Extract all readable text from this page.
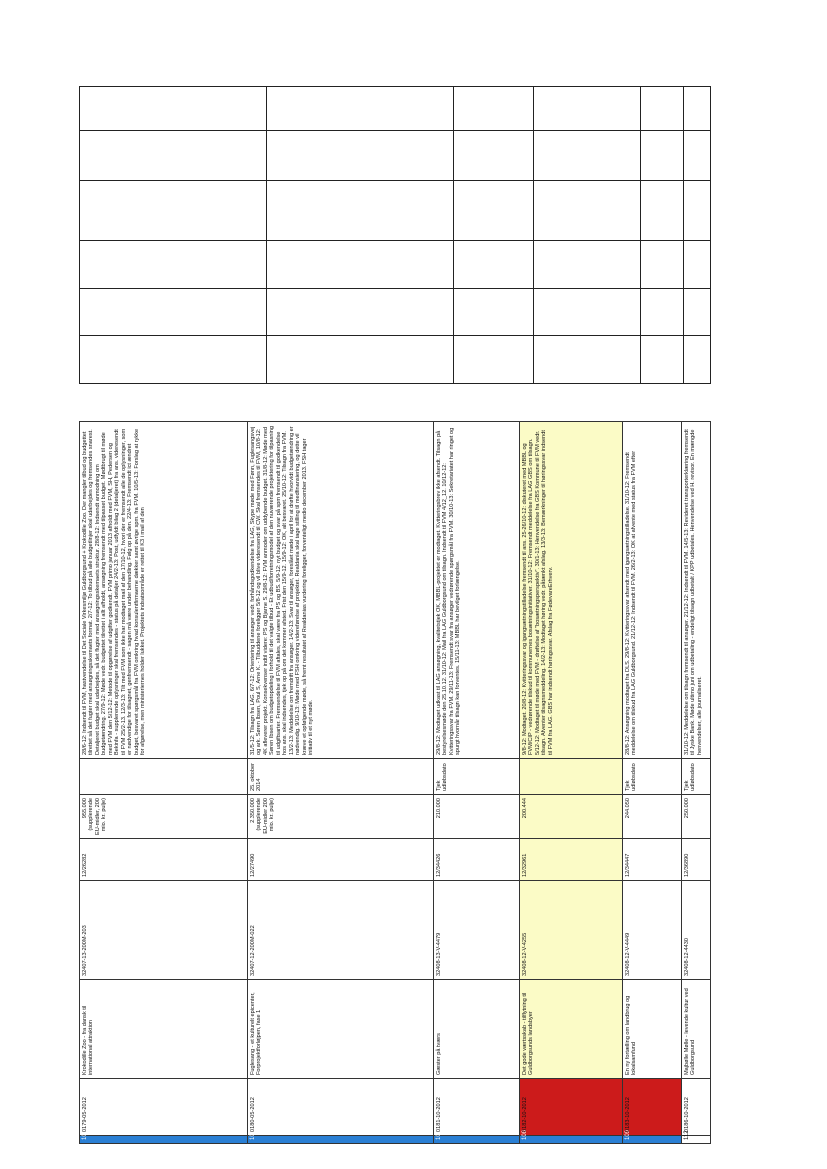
105	0179-05-2012	Krokodille Zoo - fra dansk til international attraktion	32407-13-200M-203	12/26282	955.000 (supplerende EU-midler, 200 mio. kr. pulje)		28/6-12: Indsendt til FVM, hastvendelse til Det Sociale Virkesmiljø Guldborgsund + Krokodille Zoo. Der mangler tilbud og budgettet tilrettet så det fugter med ansøgningsskemaets format. 2/7-12: To tilbud på alle budgetlinjer skal udarbejdes og fremsendes snarest. Detaljeret budget skal udarbejdes, så det flugter med ansøgningsskemaets struktur. 28/8-12: Indsendt anmodning om budgetændring. 27/9-12: Møde vedr. budgettet tilrettet i allt afholdt, ansøgning fremsendt med tilpasset budget. Mødtbrugt til møde med FVM den 5/12-12: Metode til opgørelse af udgifter godkendt. FVM primo januar 2013 afholdt med FVM, SH, Pedersen og Bekinfa - supplerende oplysninger skal fremsendes - status på detaljer 24/2-13: Post, udfyldt bilag 2 (detaljeret) fra ans. videresendt til FVM 25/2-13. 12/3-13: Tilt med FVM som ikke har modtaget mail af den 17/10-12, hvori der er fremsendt alle de oplysninger, som er nødvendige for tilsagnet, genfremsendt - sagen må være under behandling. Følg op på den. 22/4-13: Fremsendt ict ændret budget, besvaret spørgsmål fra FVM omkring hvad konsulentfirmaerne dækker samt øvrige spm. fra FVM. 10/5-13: Forslag at rykke for afgørelse, men ministeriernes holder lukket. Projektets indsatsområde er rettet til K3 i mail af den
106	0180-05-2012	Fuglesang - et kulturelt epicenter, Forprojektforløjpen, fase 1	32407-12-200M-022	12/27490	2.350.000 (supplerende EU-midler 200 mio. kr. pulje)	25. oktober 2014	31/5-12: Tilsagn fra LAG. 6/7-12: Orientering til ansøger vedr. forhåndsgodkendelse fra LAG, Skype møde med Fønn, Fuglesangsvej og ark. Søren Ibsen, Poul S, Arne K. - Tilbuddene foreligger 5/8-12 og vil blive videresendt til CW. Skal fremsendes til FVM, 10/8-12: 4K afleverer projekt. Konsekvenser indtil videre: PS og Bjarne S. 29/8-12: FVM anmoder om uddybende budget. 31/8-12: Møde med Søren Ibsen om budgetopdeling i forhold til det valgte tilbud - Et udbud/forretningsmodel af den nuværende projektering for tilpasning til udgiftsarter. Fremsendelse til FVM aftales, skal være fra PS og BS. 5/9-12: nyt budget og svar på spm fremsendt til godkendelse hos ans. skal indsendes, tjek op på om det kommer afsted. Frist den 15/9-12. 15/9-12: OK, alt besvaret. 25/10-12: Tilsagn fra FVM. 13/2-13: Meddelelse om fremdrift fra ansøger. 14/2-13: Svar til ansøger, foreslået møde i april for at drøfte hvorvidt budgetændring er nødvendig. 9/10-13: Møde med FSH omkring videreførelse af projektet. Realdania skal tage stilling til medfinansiering, og dette vil kræve et opfølgende møde, så fremt resultatet af Realdanias vurdering foreligger, forventeligt medio december 2013. FSH tager initiativ til et nyt møde.
107	0181-10-2012	Gæster på tværs	32408-13-V-4479	12/34426	210.000	Tjek udløbsdato	29/8-12: Modtaget udkast til LAG ansøgning, kvalitetstjek OK, MBBL-projektet er modtaget. Kvitteringsbrev ikke afsendt. Tilsagn på bestyrelsesmøde den 25.10.12. 31/10-12: Mail fra LAG Guldborgsund om tilsagn. Indsendt til FVM 4/12_12. 10/12-12: Kvitteringssvar fra FVM. 29/11-13: Fremsendt svar fra ansøger vedrørende spørgsmål fra FVM. 30/10-13: Sekretariatet har ringet og spurgt hvornår tilsagn kan forventes. 15/11-13: MBBL har bevilget forlængelse.
108	0182-10-2012	Det gode værtsskab - tilflytning til Guldborgsunds landsbyer	32408-12-V-4255	12/32961	200.444		9/8-12: Modtaget. 20/8-12: Kvitteringssvar og igangsætningstilladelse fremsendt til ans. 25-26/10-12: diskuteret med MBBL og FVM/CIP - vedrørende tilskud til kommunernes bosætningsinitiativer. 31/10-12: Fremsendt meddelelse fra LAG GBS om tilsagn. 5/12-12: Modtaget til møde med FVM - drøftelse af "bosætningsperspektiv". 30/1-13: Henvendelse fra GBS Kommune til FVM vedr. tilsagn. Afventer tilsagnsmeddeling. 14/2-13: Modtaget høring vedr. påtænkt afslag. 13/3-13: Bemærkninger til høringssvar indsendt til FVM fra LAG. GBS har indsendt høringssvar. Afslag fra FødevareErhverv.
109	0183-10-2012	En ny fortælling om landbrug og lokalsamfund	32408-12-V-4449	12/34447	244.050	Tjek udløbsdato	28/8-12: Ansøgning modtaget fra DLS. 29/8-12: Kvitteringssvar afsendt med igangsætningstilladelse. 31/10-12: Fremsendt meddelelse om tilskud fra LAG Guldborgsund. 21/12-12: Indsendt til FVM. 26/2-13: OK at afvente med status fra FVM efter
112	0186-10-2012	Majbølle Mølle - levende kultur ved Guldborgsund	32408-12-4430	12/36890	250.000	Tjek udløbsdato	31/10-12: Meddelelse om tilsagn fremsendt til ansøger. 21/12-12: Indsendt til FVM. 14/5-13: Revideret transporterklæring fremsendt til Jyske Bank. Møde ultimo juni om udbetaling - endeligt tilsagn udbetalt / KPP udbetales. Henvendelse ved H. revisor. En mængde henvendelser, alle journaliseret.
